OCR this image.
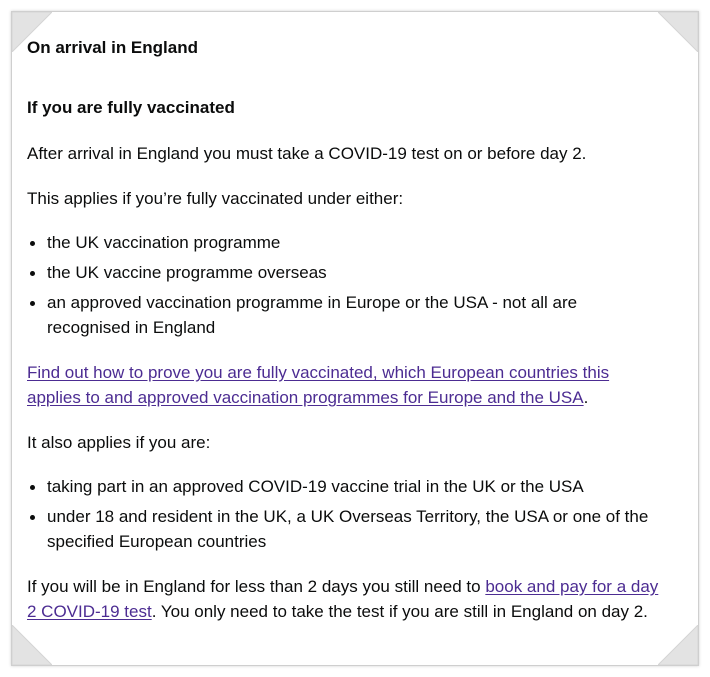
On arrival in England
If you are fully vaccinated

After arrival in England you must take a COVID-19 test on or before day 2.

This applies if you’re fully vaccinated under either:

the UK vaccination programme
the UK vaccine programme overseas
an approved vaccination programme in Europe or the USA - not all are recognised in England

Find out how to prove you are fully vaccinated, which European countries this applies to and approved vaccination programmes for Europe and the USA.

It also applies if you are:

taking part in an approved COVID-19 vaccine trial in the UK or the USA
under 18 and resident in the UK, a UK Overseas Territory, the USA or one of the specified European countries

If you will be in England for less than 2 days you still need to book and pay for a day 2 COVID-19 test. You only need to take the test if you are still in England on day 2.
